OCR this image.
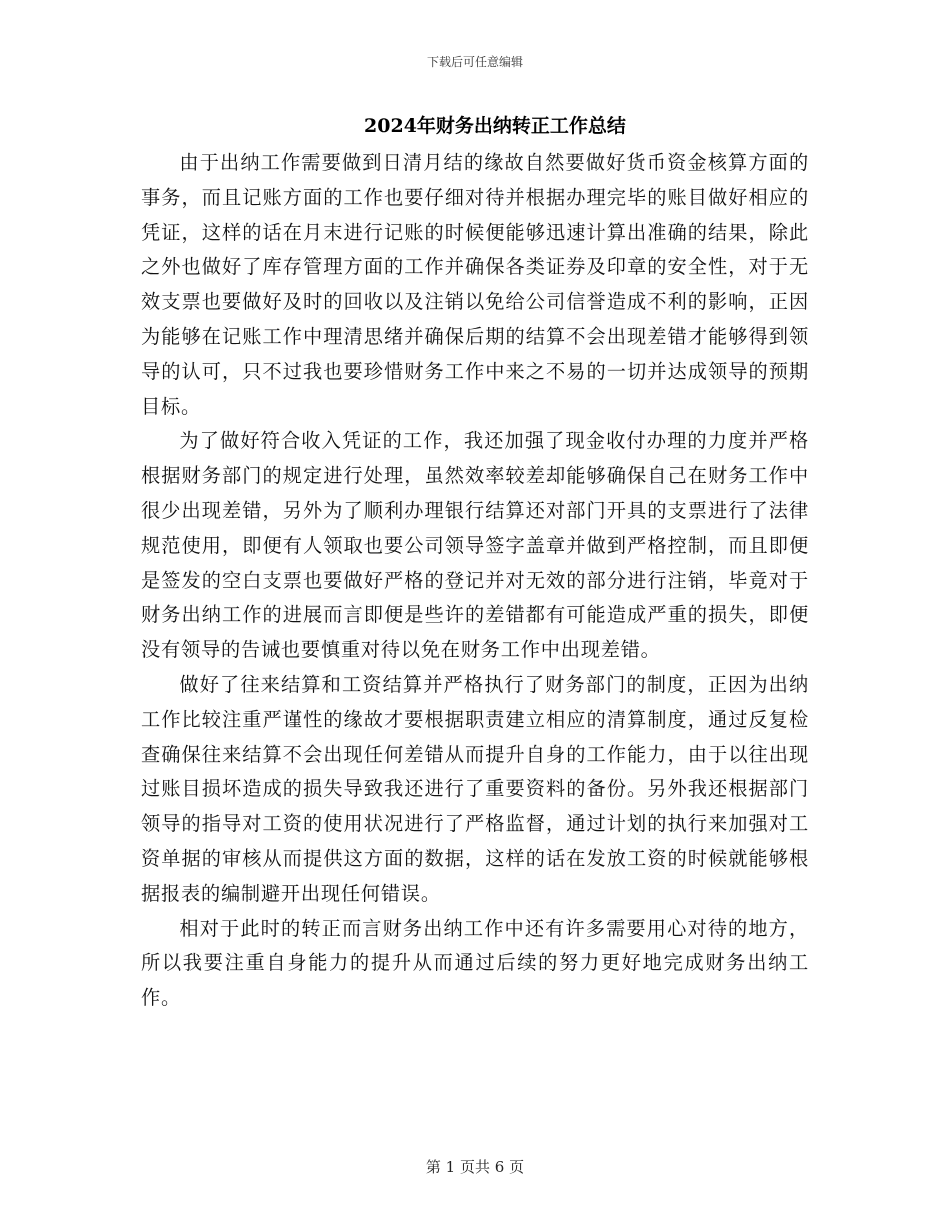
下载后可任意编辑
2024年财务出纳转正工作总结

由于出纳工作需要做到日清月结的缘故自然要做好货币资金核算方面的事务，而且记账方面的工作也要仔细对待并根据办理完毕的账目做好相应的凭证，这样的话在月末进行记账的时候便能够迅速计算出准确的结果，除此之外也做好了库存管理方面的工作并确保各类证券及印章的安全性，对于无效支票也要做好及时的回收以及注销以免给公司信誉造成不利的影响，正因为能够在记账工作中理清思绪并确保后期的结算不会出现差错才能够得到领导的认可，只不过我也要珍惜财务工作中来之不易的一切并达成领导的预期目标。

为了做好符合收入凭证的工作，我还加强了现金收付办理的力度并严格根据财务部门的规定进行处理，虽然效率较差却能够确保自己在财务工作中很少出现差错，另外为了顺利办理银行结算还对部门开具的支票进行了法律规范使用，即便有人领取也要公司领导签字盖章并做到严格控制，而且即便是签发的空白支票也要做好严格的登记并对无效的部分进行注销，毕竟对于财务出纳工作的进展而言即便是些许的差错都有可能造成严重的损失，即便没有领导的告诫也要慎重对待以免在财务工作中出现差错。

做好了往来结算和工资结算并严格执行了财务部门的制度，正因为出纳工作比较注重严谨性的缘故才要根据职责建立相应的清算制度，通过反复检查确保往来结算不会出现任何差错从而提升自身的工作能力，由于以往出现过账目损坏造成的损失导致我还进行了重要资料的备份。另外我还根据部门领导的指导对工资的使用状况进行了严格监督，通过计划的执行来加强对工资单据的审核从而提供这方面的数据，这样的话在发放工资的时候就能够根据报表的编制避开出现任何错误。

相对于此时的转正而言财务出纳工作中还有许多需要用心对待的地方，所以我要注重自身能力的提升从而通过后续的努力更好地完成财务出纳工作。

第 1 页共 6 页
